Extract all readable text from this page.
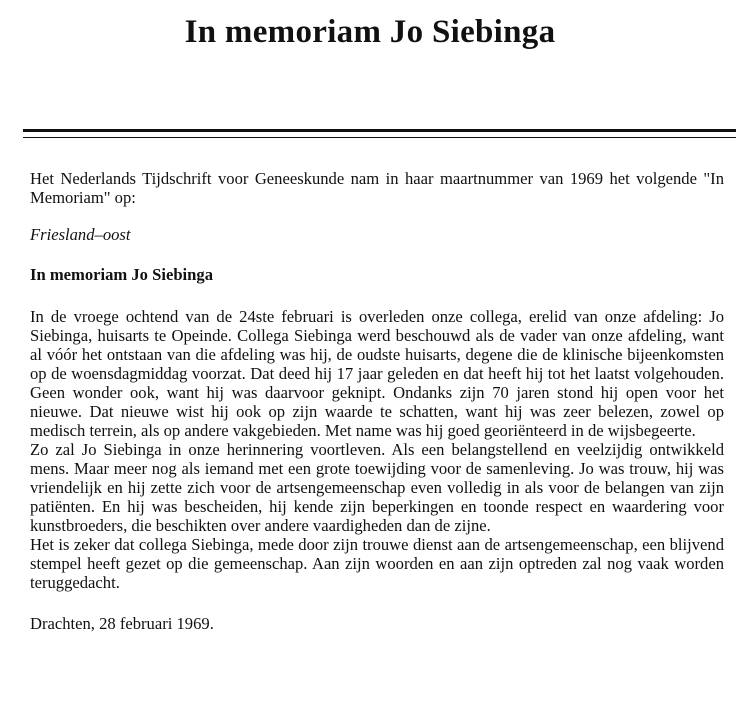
In memoriam Jo Siebinga

Het Nederlands Tijdschrift voor Geneeskunde nam in haar maartnummer van 1969 het volgende "In Memoriam" op:

Friesland–oost

In memoriam Jo Siebinga

In de vroege ochtend van de 24ste februari is overleden onze collega, erelid van onze afdeling: Jo Siebinga, huisarts te Opeinde. Collega Siebinga werd beschouwd als de vader van onze afdeling, want al vóór het ontstaan van die afdeling was hij, de oudste huisarts, degene die de klinische bijeenkomsten op de woensdagmiddag voorzat. Dat deed hij 17 jaar geleden en dat heeft hij tot het laatst volgehouden. Geen wonder ook, want hij was daarvoor geknipt. Ondanks zijn 70 jaren stond hij open voor het nieuwe. Dat nieuwe wist hij ook op zijn waarde te schatten, want hij was zeer belezen, zowel op medisch terrein, als op andere vakgebieden. Met name was hij goed georiënteerd in de wijsbegeerte.

Zo zal Jo Siebinga in onze herinnering voortleven. Als een belangstellend en veelzijdig ontwikkeld mens. Maar meer nog als iemand met een grote toewijding voor de samenleving. Jo was trouw, hij was vriendelijk en hij zette zich voor de artsengemeenschap even volledig in als voor de belangen van zijn patiënten. En hij was bescheiden, hij kende zijn beperkingen en toonde respect en waardering voor kunstbroeders, die beschikten over andere vaardigheden dan de zijne.

Het is zeker dat collega Siebinga, mede door zijn trouwe dienst aan de artsengemeenschap, een blijvend stempel heeft gezet op die gemeenschap. Aan zijn woorden en aan zijn optreden zal nog vaak worden teruggedacht.

Drachten, 28 februari 1969.
